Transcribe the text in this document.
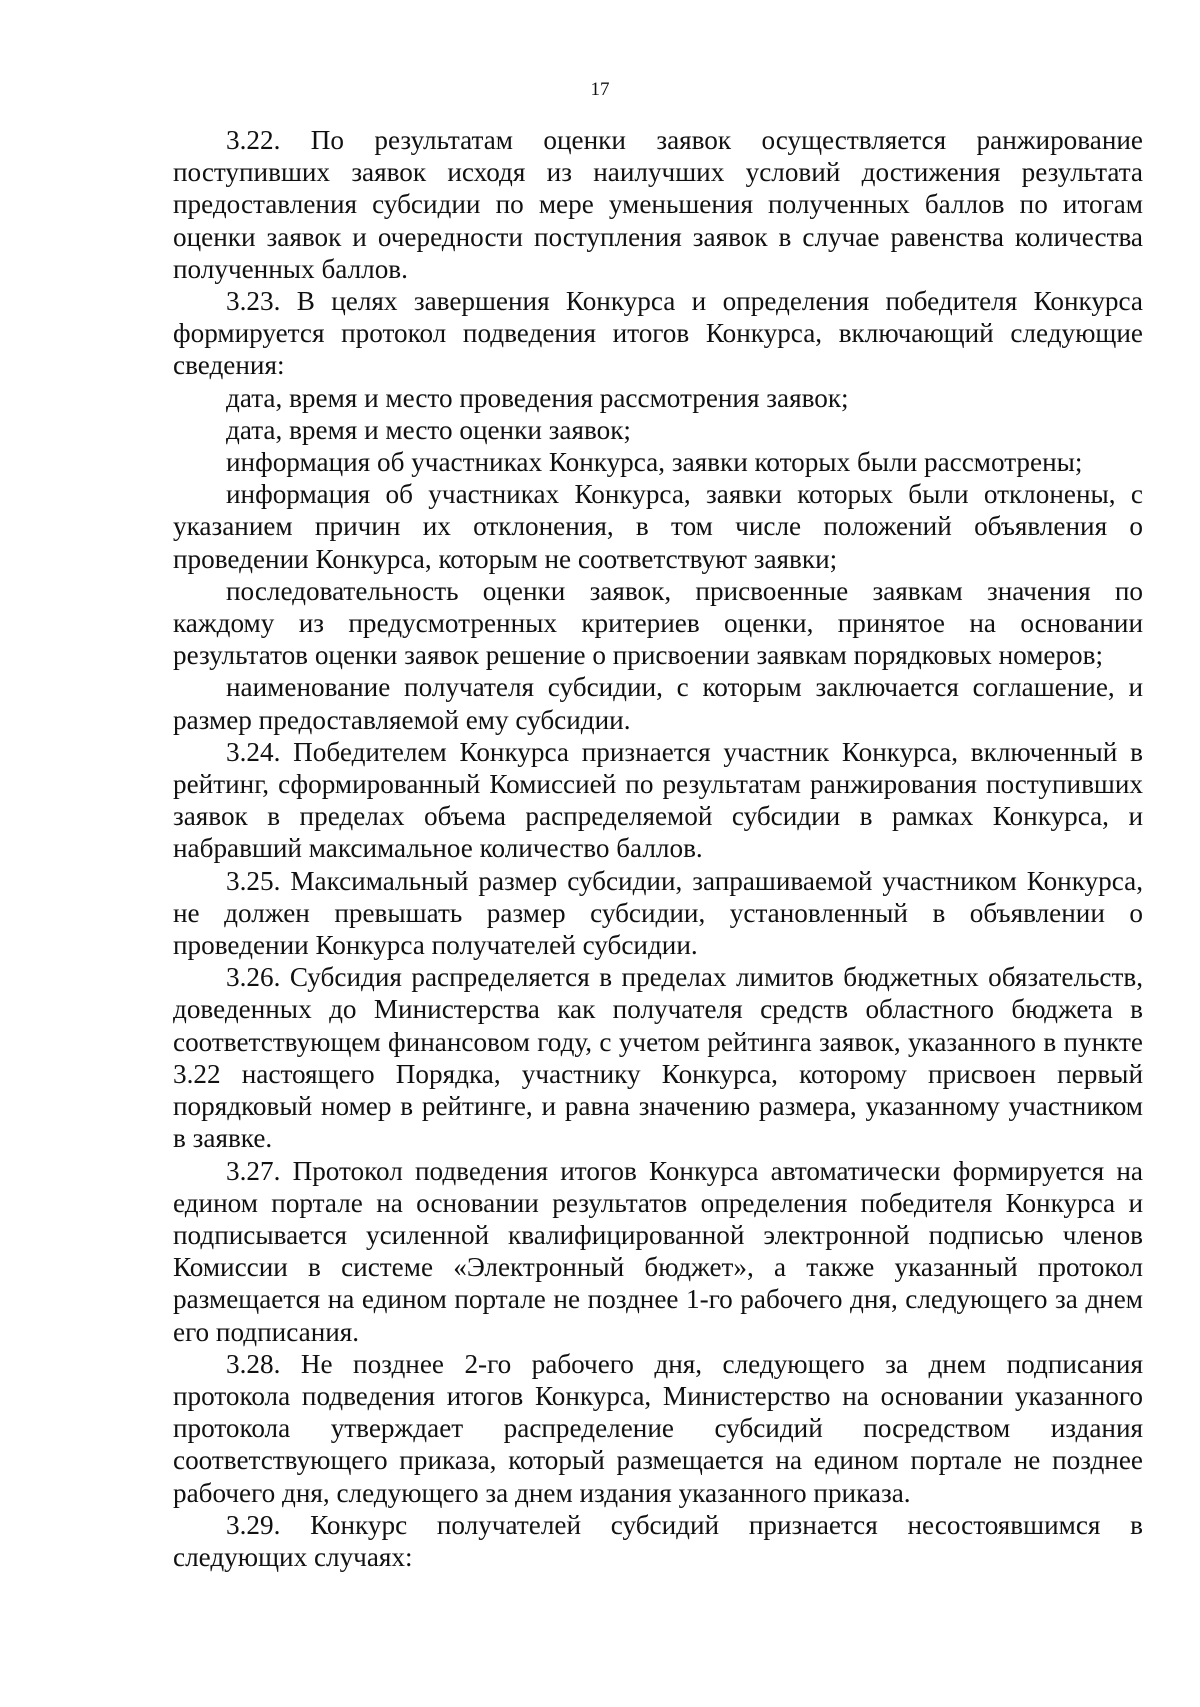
17

3.22. По результатам оценки заявок осуществляется ранжирование поступивших заявок исходя из наилучших условий достижения результата предоставления субсидии по мере уменьшения полученных баллов по итогам оценки заявок и очередности поступления заявок в случае равенства количества полученных баллов.

3.23. В целях завершения Конкурса и определения победителя Конкурса формируется протокол подведения итогов Конкурса, включающий следующие сведения:

дата, время и место проведения рассмотрения заявок;

дата, время и место оценки заявок;

информация об участниках Конкурса, заявки которых были рассмотрены;

информация об участниках Конкурса, заявки которых были отклонены, с указанием причин их отклонения, в том числе положений объявления о проведении Конкурса, которым не соответствуют заявки;

последовательность оценки заявок, присвоенные заявкам значения по каждому из предусмотренных критериев оценки, принятое на основании результатов оценки заявок решение о присвоении заявкам порядковых номеров;

наименование получателя субсидии, с которым заключается соглашение, и размер предоставляемой ему субсидии.

3.24. Победителем Конкурса признается участник Конкурса, включенный в рейтинг, сформированный Комиссией по результатам ранжирования поступивших заявок в пределах объема распределяемой субсидии в рамках Конкурса, и набравший максимальное количество баллов.

3.25. Максимальный размер субсидии, запрашиваемой участником Конкурса, не должен превышать размер субсидии, установленный в объявлении о проведении Конкурса получателей субсидии.

3.26. Субсидия распределяется в пределах лимитов бюджетных обязательств, доведенных до Министерства как получателя средств областного бюджета в соответствующем финансовом году, с учетом рейтинга заявок, указанного в пункте 3.22 настоящего Порядка, участнику Конкурса, которому присвоен первый порядковый номер в рейтинге, и равна значению размера, указанному участником в заявке.

3.27. Протокол подведения итогов Конкурса автоматически формируется на едином портале на основании результатов определения победителя Конкурса и подписывается усиленной квалифицированной электронной подписью членов Комиссии в системе «Электронный бюджет», а также указанный протокол размещается на едином портале не позднее 1-го рабочего дня, следующего за днем его подписания.

3.28. Не позднее 2-го рабочего дня, следующего за днем подписания протокола подведения итогов Конкурса, Министерство на основании указанного протокола утверждает распределение субсидий посредством издания соответствующего приказа, который размещается на едином портале не позднее рабочего дня, следующего за днем издания указанного приказа.

3.29. Конкурс получателей субсидий признается несостоявшимся в следующих случаях:
